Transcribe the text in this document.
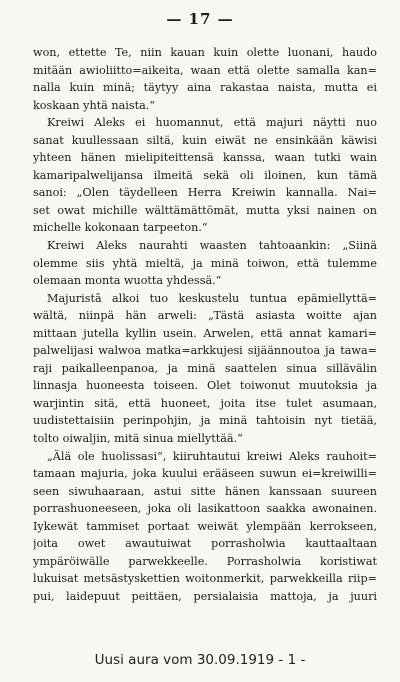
— 17 —
won, ettette Te, niin kauan kuin olette luonani, haudo
mitään awioliitto=aikeita, waan että olette samalla kan=
nalla kuin minä; täytyy aina rakastaa naista, mutta ei
koskaan yhtä naista.“
Kreiwi Aleks ei huomannut, että majuri näytti nuo
sanat kuullessaan siltä, kuin eiwät ne ensinkään käwisi
yhteen hänen mielipiteittensä kanssa, waan tutki wain
kamaripalwelijansa ilmeitä sekä oli iloinen, kun tämä
sanoi: „Olen täydelleen Herra Kreiwin kannalla. Nai=
set owat michille wälttämättömät, mutta yksi nainen on
michelle kokonaan tarpeeton.“
Kreiwi Aleks naurahti waasten tahtoaankin: „Siinä
olemme siis yhtä mieltä, ja minä toiwon, että tulemme
olemaan monta wuotta yhdessä.“
Majuristā alkoi tuo keskustelu tuntua epämiellyttä=
wältä, niinpä hän arweli: „Tästä asiasta woitte ajan
mittaan jutella kyllin usein. Arwelen, että annat kamari=
palwelijasi walwoa matka=arkkujesi sijäännoutoa ja tawa=
raji paikalleenpanoa, ja minä saattelen sinua sillävälin
linnasja huoneesta toiseen. Olet toiwonut muutoksia ja
warjintin sitä, että huoneet, joita itse tulet asumaan,
uudistettaisiin perinpohjin, ja minä tahtoisin nyt tietää,
tolto oiwaljin, mitä sinua miellyttää.“
„Älä ole huolissasi“, kiiruhtautui kreiwi Aleks rauhoit=
tamaan majuria, joka kuului erääseen suwun ei=kreiwilli=
seen siwuhaaraan, astui sitte hänen kanssaan suureen
porrashuoneeseen, joka oli lasikattoon saakka awonainen.
Iykewät tammiset portaat weiwät ylempään kerrokseen,
joita owet awautuiwat porrasholwia kauttaaltaan
ympäröiwälle parwekkeelle. Porrasholwia koristiwat
lukuisat metsästyskettien woitonmerkit, parwekkeilla riip=
pui, laidepuut peittäen, persialaisia mattoja, ja juuri
Uusi aura vom 30.09.1919 - 1 -
